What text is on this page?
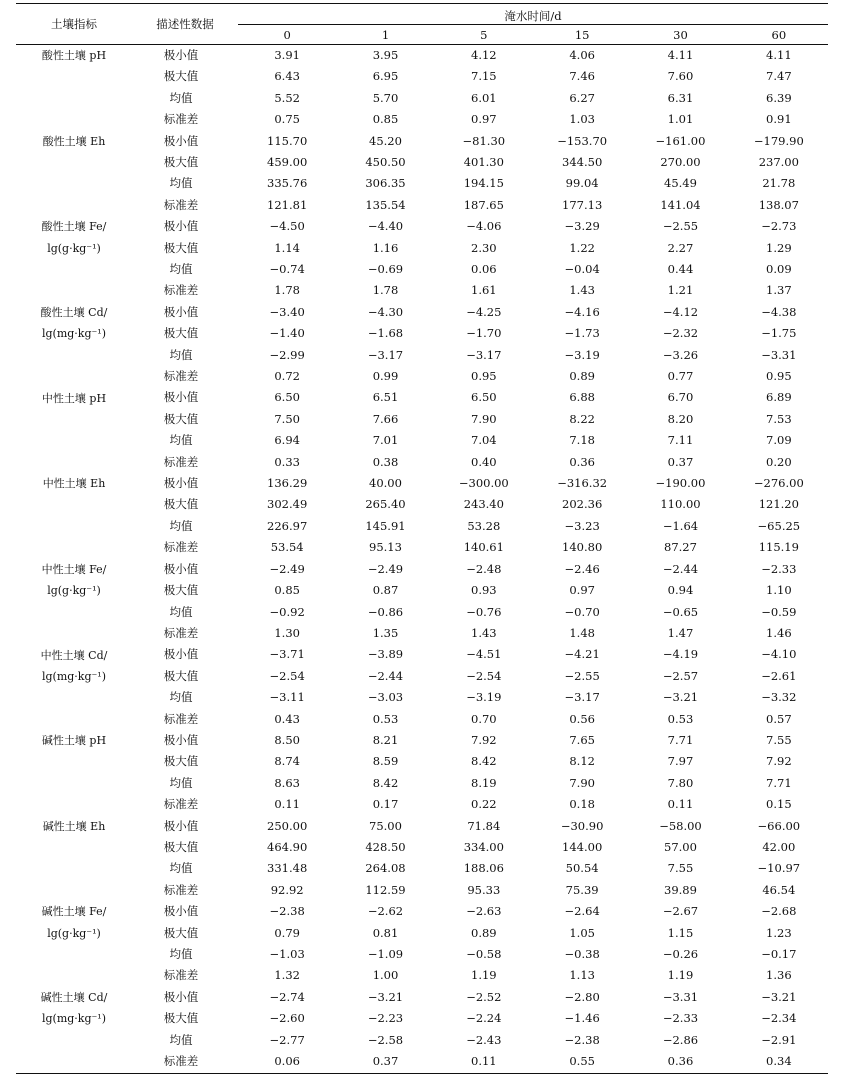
土壤指标	描述性数据	淹水时间/d					
		0	1	5	15	30	60
酸性土壤 pH	极小值	3.91	3.95	4.12	4.06	4.11	4.11
	极大值	6.43	6.95	7.15	7.46	7.60	7.47
	均值	5.52	5.70	6.01	6.27	6.31	6.39
	标准差	0.75	0.85	0.97	1.03	1.01	0.91
酸性土壤 Eh	极小值	115.70	45.20	−81.30	−153.70	−161.00	−179.90
	极大值	459.00	450.50	401.30	344.50	270.00	237.00
	均值	335.76	306.35	194.15	99.04	45.49	21.78
	标准差	121.81	135.54	187.65	177.13	141.04	138.07
酸性土壤 Fe/	极小值	−4.50	−4.40	−4.06	−3.29	−2.55	−2.73
lg(g·kg⁻¹)	极大值	1.14	1.16	2.30	1.22	2.27	1.29
	均值	−0.74	−0.69	0.06	−0.04	0.44	0.09
	标准差	1.78	1.78	1.61	1.43	1.21	1.37
酸性土壤 Cd/	极小值	−3.40	−4.30	−4.25	−4.16	−4.12	−4.38
lg(mg·kg⁻¹)	极大值	−1.40	−1.68	−1.70	−1.73	−2.32	−1.75
	均值	−2.99	−3.17	−3.17	−3.19	−3.26	−3.31
	标准差	0.72	0.99	0.95	0.89	0.77	0.95
中性土壤 pH	极小值	6.50	6.51	6.50	6.88	6.70	6.89
	极大值	7.50	7.66	7.90	8.22	8.20	7.53
	均值	6.94	7.01	7.04	7.18	7.11	7.09
	标准差	0.33	0.38	0.40	0.36	0.37	0.20
中性土壤 Eh	极小值	136.29	40.00	−300.00	−316.32	−190.00	−276.00
	极大值	302.49	265.40	243.40	202.36	110.00	121.20
	均值	226.97	145.91	53.28	−3.23	−1.64	−65.25
	标准差	53.54	95.13	140.61	140.80	87.27	115.19
中性土壤 Fe/	极小值	−2.49	−2.49	−2.48	−2.46	−2.44	−2.33
lg(g·kg⁻¹)	极大值	0.85	0.87	0.93	0.97	0.94	1.10
	均值	−0.92	−0.86	−0.76	−0.70	−0.65	−0.59
	标准差	1.30	1.35	1.43	1.48	1.47	1.46
中性土壤 Cd/	极小值	−3.71	−3.89	−4.51	−4.21	−4.19	−4.10
lg(mg·kg⁻¹)	极大值	−2.54	−2.44	−2.54	−2.55	−2.57	−2.61
	均值	−3.11	−3.03	−3.19	−3.17	−3.21	−3.32
	标准差	0.43	0.53	0.70	0.56	0.53	0.57
碱性土壤 pH	极小值	8.50	8.21	7.92	7.65	7.71	7.55
	极大值	8.74	8.59	8.42	8.12	7.97	7.92
	均值	8.63	8.42	8.19	7.90	7.80	7.71
	标准差	0.11	0.17	0.22	0.18	0.11	0.15
碱性土壤 Eh	极小值	250.00	75.00	71.84	−30.90	−58.00	−66.00
	极大值	464.90	428.50	334.00	144.00	57.00	42.00
	均值	331.48	264.08	188.06	50.54	7.55	−10.97
	标准差	92.92	112.59	95.33	75.39	39.89	46.54
碱性土壤 Fe/	极小值	−2.38	−2.62	−2.63	−2.64	−2.67	−2.68
lg(g·kg⁻¹)	极大值	0.79	0.81	0.89	1.05	1.15	1.23
	均值	−1.03	−1.09	−0.58	−0.38	−0.26	−0.17
	标准差	1.32	1.00	1.19	1.13	1.19	1.36
碱性土壤 Cd/	极小值	−2.74	−3.21	−2.52	−2.80	−3.31	−3.21
lg(mg·kg⁻¹)	极大值	−2.60	−2.23	−2.24	−1.46	−2.33	−2.34
	均值	−2.77	−2.58	−2.43	−2.38	−2.86	−2.91
	标准差	0.06	0.37	0.11	0.55	0.36	0.34
